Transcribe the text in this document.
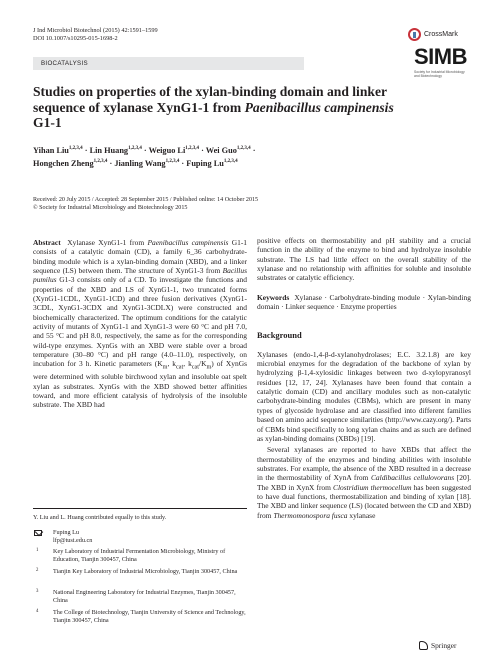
J Ind Microbiol Biotechnol (2015) 42:1591–1599
DOI 10.1007/s10295-015-1698-2
BIOCATALYSIS
CrossMark
SIMB
Society for Industrial Microbiology
and Biotechnology
Studies on properties of the xylan-binding domain and linker
sequence of xylanase XynG1-1 from Paenibacillus campinensis
G1-1
Yihan Liu$^{1,2,3,4}$ · Lin Huang$^{1,2,3,4}$ · Weiguo Li$^{1,2,3,4}$ · Wei Guo$^{1,2,3,4}$ ·
Hongchen Zheng$^{1,2,3,4}$ · Jianling Wang$^{1,2,3,4}$ · Fuping Lu$^{1,2,3,4}$
Received: 20 July 2015 / Accepted: 28 September 2015 / Published online: 14 October 2015
© Society for Industrial Microbiology and Biotechnology 2015
Abstract Xylanase XynG1-1 from Paenibacillus campinensis G1-1 consists of a catalytic domain (CD), a family 6_36 carbohydrate-binding module which is a xylan-binding domain (XBD), and a linker sequence (LS) between them. The structure of XynG1-3 from Bacillus pumilus G1-3 consists only of a CD. To investigate the functions and properties of the XBD and LS of XynG1-1, two truncated forms (XynG1-1CDL, XynG1-1CD) and three fusion derivatives (XynG1-3CDL, XynG1-3CDX and XynG1-3CDLX) were constructed and biochemically characterized. The optimum conditions for the catalytic activity of mutants of XynG1-1 and XynG1-3 were 60 °C and pH 7.0, and 55 °C and pH 8.0, respectively, the same as for the corresponding wild-type enzymes. XynGs with an XBD were stable over a broad temperature (30–80 °C) and pH range (4.0–11.0), respectively, on incubation for 3 h. Kinetic parameters ($K_m$, $k_{cat}$, $k_{cat}/K_m$) of XynGs were determined with soluble birchwood xylan and insoluble oat spelt xylan as substrates. XynGs with the XBD showed better affinities toward, and more efficient catalysis of hydrolysis of the insoluble substrate. The XBD had
Y. Liu and L. Huang contributed equally to this study.
Fuping Lu
lfp@tust.edu.cn
1 Key Laboratory of Industrial Fermentation Microbiology, Ministry of Education, Tianjin 300457, China
2 Tianjin Key Laboratory of Industrial Microbiology, Tianjin 300457, China
3 National Engineering Laboratory for Industrial Enzymes, Tianjin 300457, China
4 The College of Biotechnology, Tianjin University of Science and Technology, Tianjin 300457, China
positive effects on thermostability and pH stability and a crucial function in the ability of the enzyme to bind and hydrolyze insoluble substrate. The LS had little effect on the overall stability of the xylanase and no relationship with affinities for soluble and insoluble substrates or catalytic efficiency.
Keywords Xylanase · Carbohydrate-binding module · Xylan-binding domain · Linker sequence · Enzyme properties
Background
Xylanases (endo-1,4-β-d-xylanohydrolases; E.C. 3.2.1.8) are key microbial enzymes for the degradation of the backbone of xylan by hydrolyzing β-1,4-xylosidic linkages between two d-xylopyranosyl residues [12, 17, 24]. Xylanases have been found that contain a catalytic domain (CD) and ancillary modules such as non-catalytic carbohydrate-binding modules (CBMs), which are present in many types of glycoside hydrolase and are classified into different families based on amino acid sequence similarities (http://www.cazy.org/). Parts of CBMs bind specifically to long xylan chains and as such are defined as xylan-binding domains (XBDs) [19].
Several xylanases are reported to have XBDs that affect the thermostability of the enzymes and binding abilities with insoluble substrates. For example, the absence of the XBD resulted in a decrease in the thermostability of XynA from Caldibacillus cellulovorans [20]. The XBD in XynX from Clostridium thermocellum has been suggested to have dual functions, thermostabilization and binding of xylan [18]. The XBD and linker sequence (LS) (located between the CD and XBD) from Thermomonospora fusca xylanase
Springer
